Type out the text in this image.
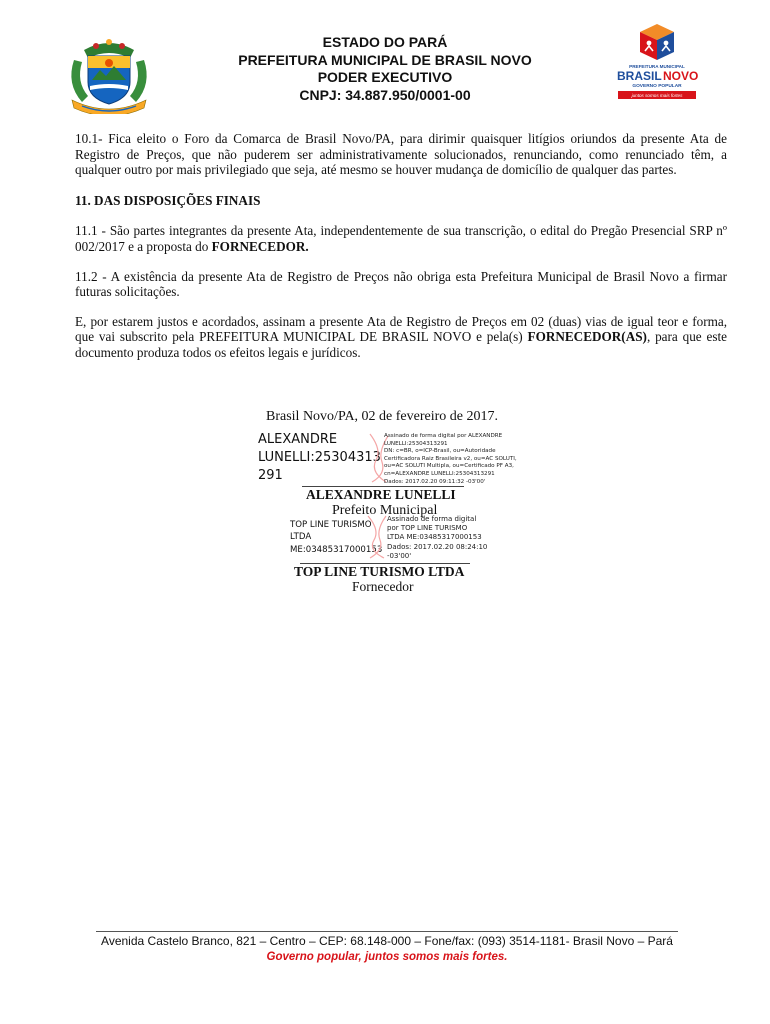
ESTADO DO PARÁ
PREFEITURA MUNICIPAL DE BRASIL NOVO
PODER EXECUTIVO
CNPJ: 34.887.950/0001-00
PREFEITURA MUNICIPAL
BRASIL NOVO
GOVERNO POPULAR
juntos somos mais fortes

10.1- Fica eleito o Foro da Comarca de Brasil Novo/PA, para dirimir quaisquer litígios oriundos da presente Ata de Registro de Preços, que não puderem ser administrativamente solucionados, renunciando, como renunciado têm, a qualquer outro por mais privilegiado que seja, até mesmo se houver mudança de domicílio de qualquer das partes.

11. DAS DISPOSIÇÕES FINAIS

11.1 - São partes integrantes da presente Ata, independentemente de sua transcrição, o edital do Pregão Presencial SRP nº 002/2017 e a proposta do FORNECEDOR.

11.2 - A existência da presente Ata de Registro de Preços não obriga esta Prefeitura Municipal de Brasil Novo a firmar futuras solicitações.

E, por estarem justos e acordados, assinam a presente Ata de Registro de Preços em 02 (duas) vias de igual teor e forma, que vai subscrito pela PREFEITURA MUNICIPAL DE BRASIL NOVO e pela(s) FORNECEDOR(AS), para que este documento produza todos os efeitos legais e jurídicos.

Brasil Novo/PA, 02 de fevereiro de 2017.
ALEXANDRE
LUNELLI:25304313
291
Assinado de forma digital por ALEXANDRE
LUNELLI:25304313291
DN: c=BR, o=ICP-Brasil, ou=Autoridade
Certificadora Raiz Brasileira v2, ou=AC SOLUTI,
ou=AC SOLUTI Multipla, ou=Certificado PF A3,
cn=ALEXANDRE LUNELLI:25304313291
Dados: 2017.02.20 09:11:32 -03'00'
ALEXANDRE LUNELLI
Prefeito Municipal
TOP LINE TURISMO
LTDA
ME:03485317000153
Assinado de forma digital
por TOP LINE TURISMO
LTDA ME:03485317000153
Dados: 2017.02.20 08:24:10
-03'00'
TOP LINE TURISMO LTDA
Fornecedor
Avenida Castelo Branco, 821 – Centro – CEP: 68.148-000 – Fone/fax: (093) 3514-1181- Brasil Novo – Pará
Governo popular, juntos somos mais fortes.
